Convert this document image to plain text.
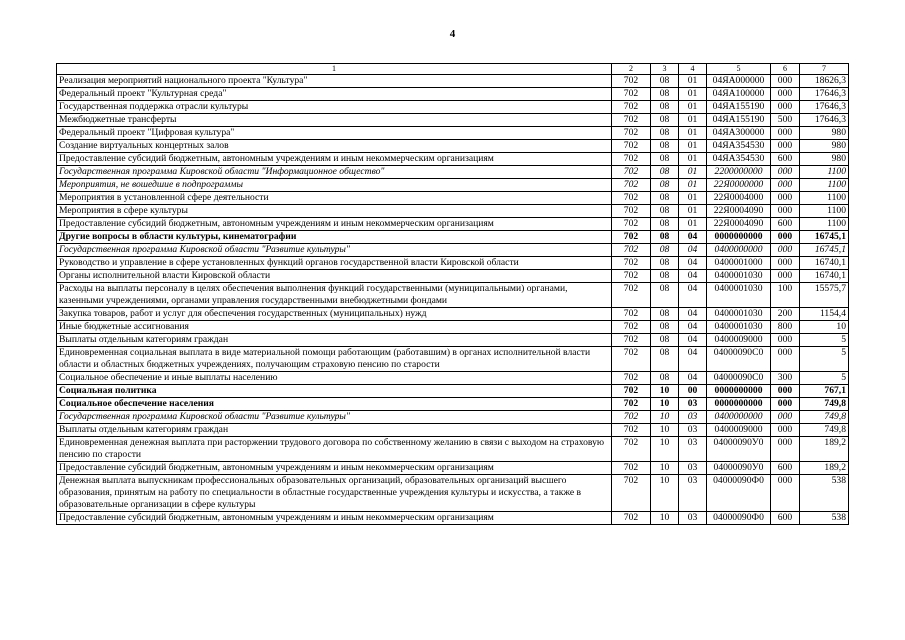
4
1	2	3	4	5	6	7
Реализация мероприятий национального проекта "Культура"	702	08	01	04ЯА000000	000	18626,3
Федеральный проект "Культурная среда"	702	08	01	04ЯА100000	000	17646,3
Государственная поддержка отрасли культуры	702	08	01	04ЯА155190	000	17646,3
Межбюджетные трансферты	702	08	01	04ЯА155190	500	17646,3
Федеральный проект "Цифровая культура"	702	08	01	04ЯА300000	000	980
Создание виртуальных концертных залов	702	08	01	04ЯА354530	000	980
Предоставление субсидий бюджетным, автономным учреждениям и иным некоммерческим организациям	702	08	01	04ЯА354530	600	980
Государственная программа Кировской области "Информационное общество"	702	08	01	2200000000	000	1100
Мероприятия, не вошедшие в подпрограммы	702	08	01	22Я0000000	000	1100
Мероприятия в установленной сфере деятельности	702	08	01	22Я0004000	000	1100
Мероприятия в сфере культуры	702	08	01	22Я0004090	000	1100
Предоставление субсидий бюджетным, автономным учреждениям и иным некоммерческим организациям	702	08	01	22Я0004090	600	1100
Другие вопросы в области культуры, кинематографии	702	08	04	0000000000	000	16745,1
Государственная программа Кировской области "Развитие культуры"	702	08	04	0400000000	000	16745,1
Руководство и управление в сфере установленных функций органов государственной власти Кировской области	702	08	04	0400001000	000	16740,1
Органы исполнительной власти Кировской области	702	08	04	0400001030	000	16740,1
Расходы на выплаты персоналу в целях обеспечения выполнения функций государственными (муниципальными) органами, казенными учреждениями, органами управления государственными внебюджетными фондами	702	08	04	0400001030	100	15575,7
Закупка товаров, работ и услуг для обеспечения государственных (муниципальных) нужд	702	08	04	0400001030	200	1154,4
Иные бюджетные ассигнования	702	08	04	0400001030	800	10
Выплаты отдельным категориям граждан	702	08	04	0400009000	000	5
Единовременная социальная выплата в виде материальной помощи работающим (работавшим) в органах исполнительной власти области и областных бюджетных учреждениях, получающим страховую пенсию по старости	702	08	04	04000090С0	000	5
Социальное обеспечение и иные выплаты населению	702	08	04	04000090С0	300	5
Социальная политика	702	10	00	0000000000	000	767,1
Социальное обеспечение населения	702	10	03	0000000000	000	749,8
Государственная программа Кировской области "Развитие культуры"	702	10	03	0400000000	000	749,8
Выплаты отдельным категориям граждан	702	10	03	0400009000	000	749,8
Единовременная денежная выплата при расторжении трудового договора по собственному желанию в связи с выходом на страховую пенсию по старости	702	10	03	04000090У0	000	189,2
Предоставление субсидий бюджетным, автономным учреждениям и иным некоммерческим организациям	702	10	03	04000090У0	600	189,2
Денежная выплата выпускникам профессиональных образовательных организаций, образовательных организаций высшего образования, принятым на работу по специальности в областные государственные учреждения культуры и искусства, а также в образовательные организации в сфере культуры	702	10	03	04000090Ф0	000	538
Предоставление субсидий бюджетным, автономным учреждениям и иным некоммерческим организациям	702	10	03	04000090Ф0	600	538
